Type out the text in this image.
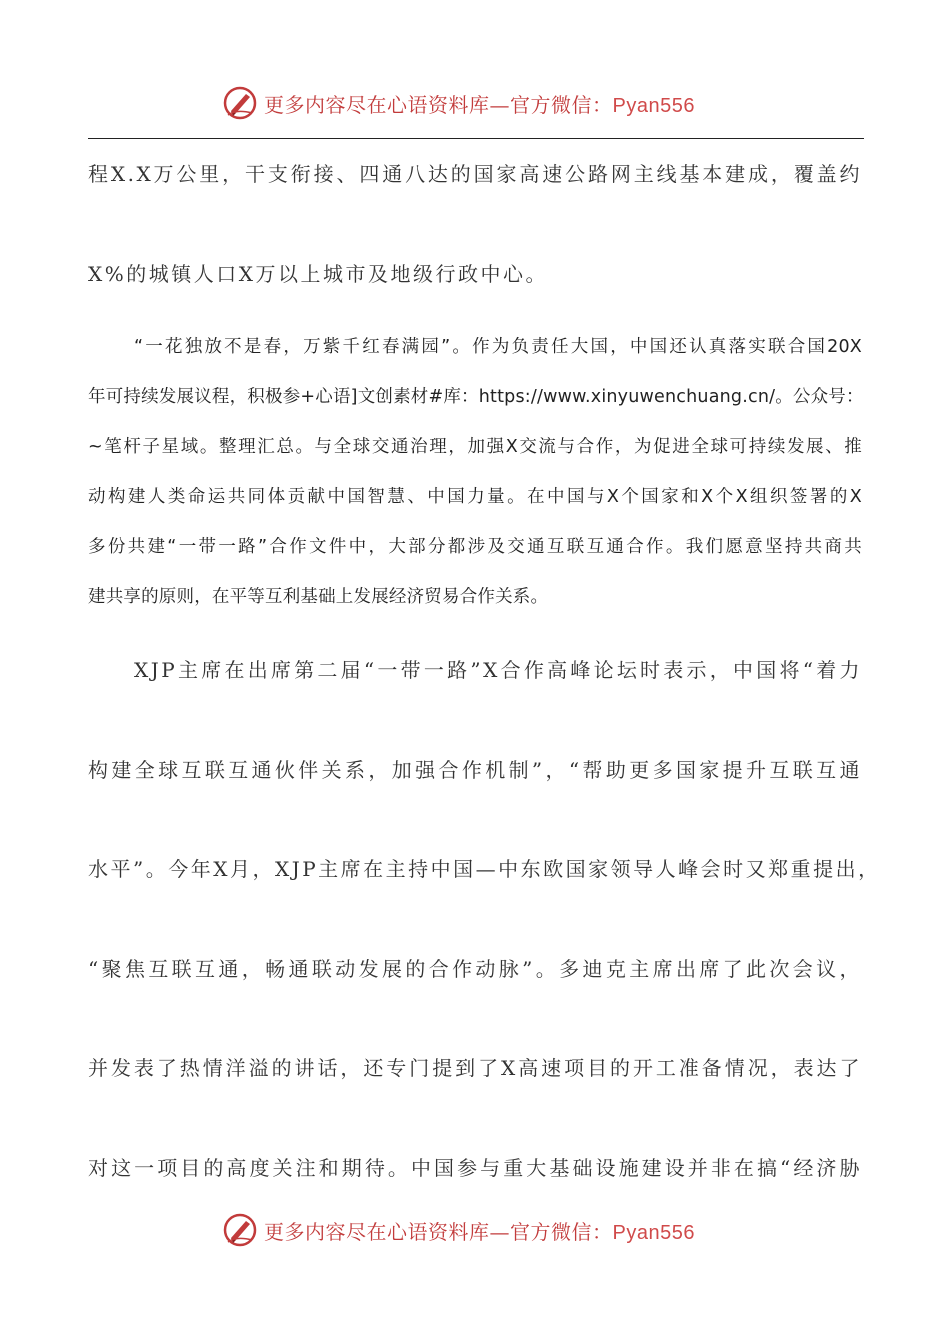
更多内容尽在心语资料库—官方微信：Pyan556
程X.X万公里，干支衔接、四通八达的国家高速公路网主线基本建成，覆盖约
X%的城镇人口X万以上城市及地级行政中心。
“一花独放不是春，万紫千红春满园”。作为负责任大国，中国还认真落实联合国20X
年可持续发展议程，积极参+心语]文创素材#库：https://www.xinyuwenchuang.cn/。公众号：
~笔杆子星域。整理汇总。与全球交通治理，加强X交流与合作，为促进全球可持续发展、推
动构建人类命运共同体贡献中国智慧、中国力量。在中国与X个国家和X个X组织签署的X
多份共建“一带一路”合作文件中，大部分都涉及交通互联互通合作。我们愿意坚持共商共
建共享的原则，在平等互利基础上发展经济贸易合作关系。
XJP主席在出席第二届“一带一路”X合作高峰论坛时表示，中国将“着力
构建全球互联互通伙伴关系，加强合作机制”，“帮助更多国家提升互联互通
水平”。今年X月，XJP主席在主持中国—中东欧国家领导人峰会时又郑重提出，
“聚焦互联互通，畅通联动发展的合作动脉”。多迪克主席出席了此次会议，
并发表了热情洋溢的讲话，还专门提到了X高速项目的开工准备情况，表达了
对这一项目的高度关注和期待。中国参与重大基础设施建设并非在搞“经济胁
更多内容尽在心语资料库—官方微信：Pyan556
